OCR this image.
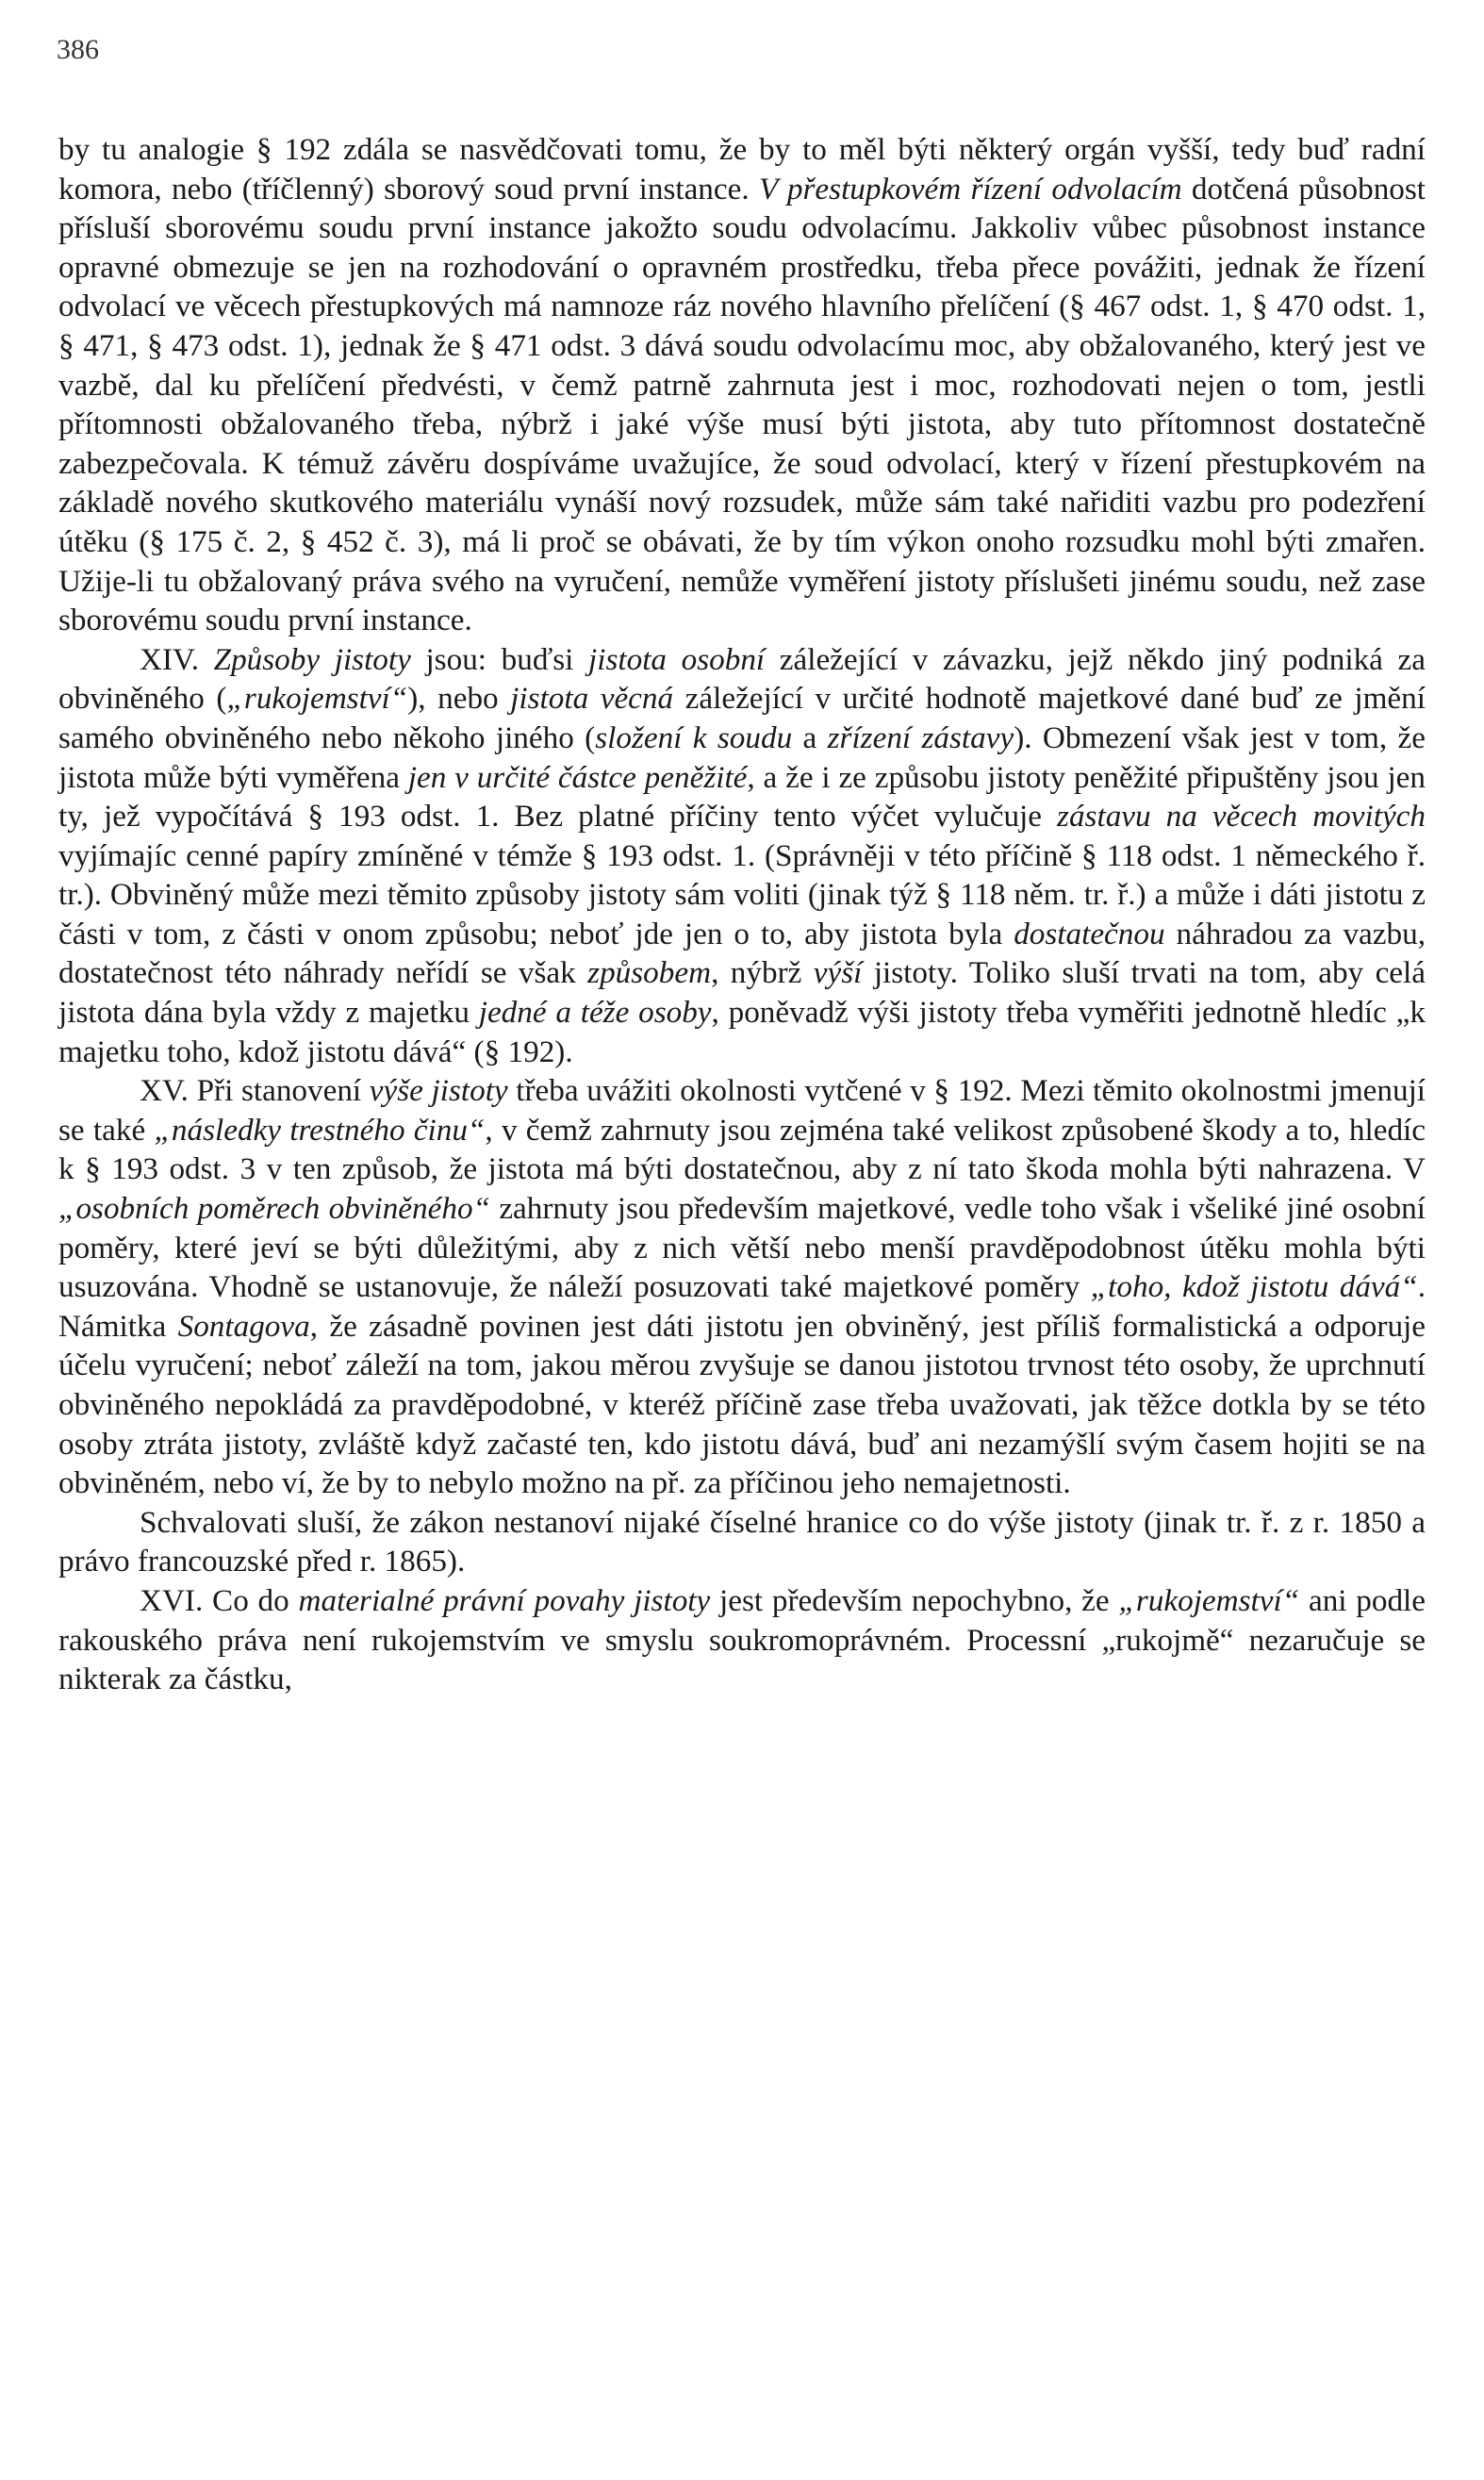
386

by tu analogie § 192 zdála se nasvědčovati tomu, že by to měl býti některý orgán vyšší, tedy buď radní komora, nebo (tříčlenný) sborový soud první instance. V přestupkovém řízení odvolacím dotčená působnost přísluší sborovému soudu první instance jakožto soudu odvolacímu. Jakkoliv vůbec působnost instance opravné obmezuje se jen na rozhodování o opravném prostředku, třeba přece povážiti, jednak že řízení odvolací ve věcech přestupkových má namnoze ráz nového hlavního přelíčení (§ 467 odst. 1, § 470 odst. 1, § 471, § 473 odst. 1), jednak že § 471 odst. 3 dává soudu odvolacímu moc, aby obžalovaného, který jest ve vazbě, dal ku přelíčení předvésti, v čemž patrně zahrnuta jest i moc, rozhodovati nejen o tom, jestli přítomnosti obžalovaného třeba, nýbrž i jaké výše musí býti jistota, aby tuto přítomnost dostatečně zabezpečovala. K témuž závěru dospíváme uvažujíce, že soud odvolací, který v řízení přestupkovém na základě nového skutkového materiálu vynáší nový rozsudek, může sám také nařiditi vazbu pro podezření útěku (§ 175 č. 2, § 452 č. 3), má li proč se obávati, že by tím výkon onoho rozsudku mohl býti zmařen. Užije-li tu obžalovaný práva svého na vyručení, nemůže vyměření jistoty příslušeti jinému soudu, než zase sborovému soudu první instance.

XIV. Způsoby jistoty jsou: buďsi jistota osobní záležející v závazku, jejž někdo jiný podniká za obviněného („rukojemství“), nebo jistota věcná záležející v určité hodnotě majetkové dané buď ze jmění samého obviněného nebo někoho jiného (složení k soudu a zřízení zástavy). Obmezení však jest v tom, že jistota může býti vyměřena jen v určité částce peněžité, a že i ze způsobu jistoty peněžité připuštěny jsou jen ty, jež vypočítává § 193 odst. 1. Bez platné příčiny tento výčet vylučuje zástavu na věcech movitých vyjímajíc cenné papíry zmíněné v témže § 193 odst. 1. (Správněji v této příčině § 118 odst. 1 německého ř. tr.). Obviněný může mezi těmito způsoby jistoty sám voliti (jinak týž § 118 něm. tr. ř.) a může i dáti jistotu z části v tom, z části v onom způsobu; neboť jde jen o to, aby jistota byla dostatečnou náhradou za vazbu, dostatečnost této náhrady neřídí se však způsobem, nýbrž výší jistoty. Toliko sluší trvati na tom, aby celá jistota dána byla vždy z majetku jedné a téže osoby, poněvadž výši jistoty třeba vyměřiti jednotně hledíc „k majetku toho, kdož jistotu dává“ (§ 192).

XV. Při stanovení výše jistoty třeba uvážiti okolnosti vytčené v § 192. Mezi těmito okolnostmi jmenují se také „následky trestného činu“, v čemž zahrnuty jsou zejména také velikost způsobené škody a to, hledíc k § 193 odst. 3 v ten způsob, že jistota má býti dostatečnou, aby z ní tato škoda mohla býti nahrazena. V „osobních poměrech obviněného“ zahrnuty jsou především majetkové, vedle toho však i všeliké jiné osobní poměry, které jeví se býti důležitými, aby z nich větší nebo menší pravděpodobnost útěku mohla býti usuzována. Vhodně se ustanovuje, že náleží posuzovati také majetkové poměry „toho, kdož jistotu dává“. Námitka Sontagova, že zásadně povinen jest dáti jistotu jen obviněný, jest příliš formalistická a odporuje účelu vyručení; neboť záleží na tom, jakou měrou zvyšuje se danou jistotou trvnost této osoby, že uprchnutí obviněného nepokládá za pravděpodobné, v kteréž příčině zase třeba uvažovati, jak těžce dotkla by se této osoby ztráta jistoty, zvláště když začasté ten, kdo jistotu dává, buď ani nezamýšlí svým časem hojiti se na obviněném, nebo ví, že by to nebylo možno na př. za příčinou jeho nemajetnosti.

Schvalovati sluší, že zákon nestanoví nijaké číselné hranice co do výše jistoty (jinak tr. ř. z r. 1850 a právo francouzské před r. 1865).

XVI. Co do materialné právní povahy jistoty jest především nepochybno, že „rukojemství“ ani podle rakouského práva není rukojemstvím ve smyslu soukromoprávném. Processní „rukojmě“ nezaručuje se nikterak za částku,
